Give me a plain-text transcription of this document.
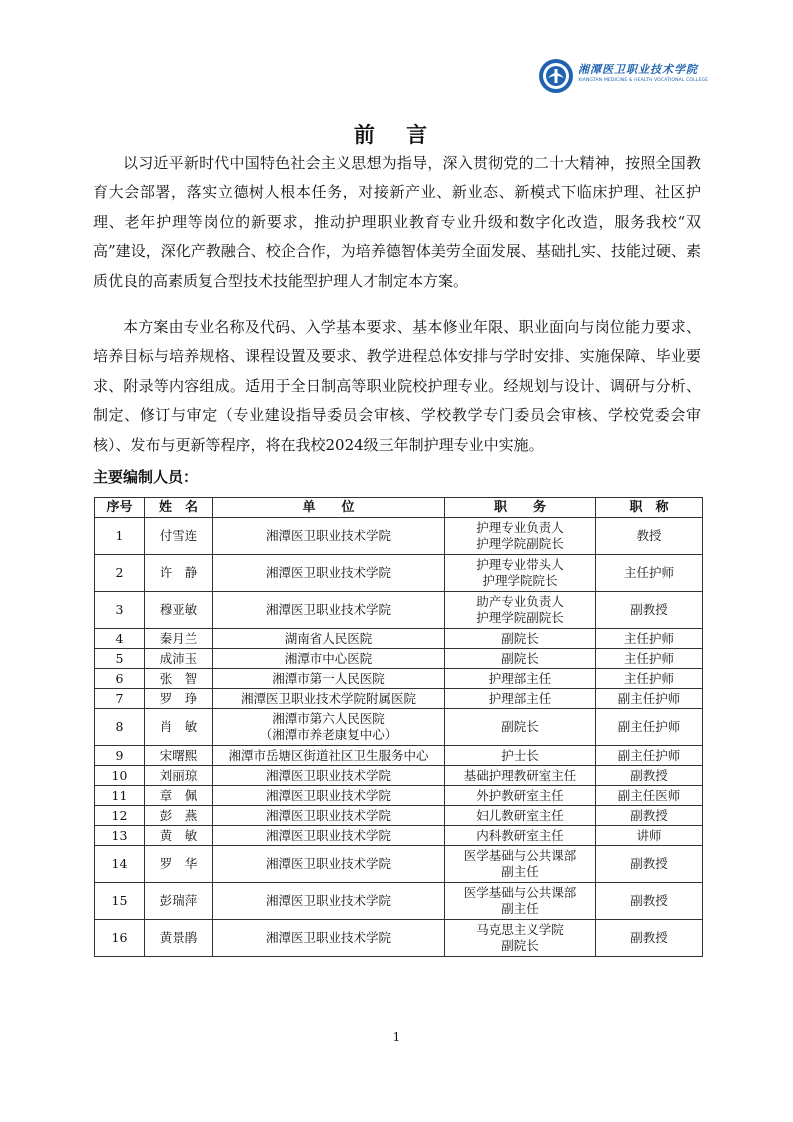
湘潭医卫职业技术学院
XIANGTAN MEDICINE & HEALTH VOCATIONAL COLLEGE
前 言

以习近平新时代中国特色社会主义思想为指导，深入贯彻党的二十大精神，按照全国教育大会部署，落实立德树人根本任务，对接新产业、新业态、新模式下临床护理、社区护理、老年护理等岗位的新要求，推动护理职业教育专业升级和数字化改造，服务我校“双高”建设，深化产教融合、校企合作，为培养德智体美劳全面发展、基础扎实、技能过硬、素质优良的高素质复合型技术技能型护理人才制定本方案。

本方案由专业名称及代码、入学基本要求、基本修业年限、职业面向与岗位能力要求、培养目标与培养规格、课程设置及要求、教学进程总体安排与学时安排、实施保障、毕业要求、附录等内容组成。适用于全日制高等职业院校护理专业。经规划与设计、调研与分析、制定、修订与审定（专业建设指导委员会审核、学校教学专门委员会审核、学校党委会审核）、发布与更新等程序，将在我校2024级三年制护理专业中实施。

主要编制人员：
序号	姓　名	单　　位	职　　务	职　称
1	付雪连	湘潭医卫职业技术学院	护理专业负责人
护理学院副院长	教授
2	许　静	湘潭医卫职业技术学院	护理专业带头人
护理学院院长	主任护师
3	穆亚敏	湘潭医卫职业技术学院	助产专业负责人
护理学院副院长	副教授
4	秦月兰	湖南省人民医院	副院长	主任护师
5	成沛玉	湘潭市中心医院	副院长	主任护师
6	张　智	湘潭市第一人民医院	护理部主任	主任护师
7	罗　琤	湘潭医卫职业技术学院附属医院	护理部主任	副主任护师
8	肖　敏	湘潭市第六人民医院
（湘潭市养老康复中心）	副院长	副主任护师
9	宋曙熙	湘潭市岳塘区街道社区卫生服务中心	护士长	副主任护师
10	刘丽琼	湘潭医卫职业技术学院	基础护理教研室主任	副教授
11	章　佩	湘潭医卫职业技术学院	外护教研室主任	副主任医师
12	彭　燕	湘潭医卫职业技术学院	妇儿教研室主任	副教授
13	黄　敏	湘潭医卫职业技术学院	内科教研室主任	讲师
14	罗　华	湘潭医卫职业技术学院	医学基础与公共课部
副主任	副教授
15	彭瑞萍	湘潭医卫职业技术学院	医学基础与公共课部
副主任	副教授
16	黄景鹃	湘潭医卫职业技术学院	马克思主义学院
副院长	副教授
1
